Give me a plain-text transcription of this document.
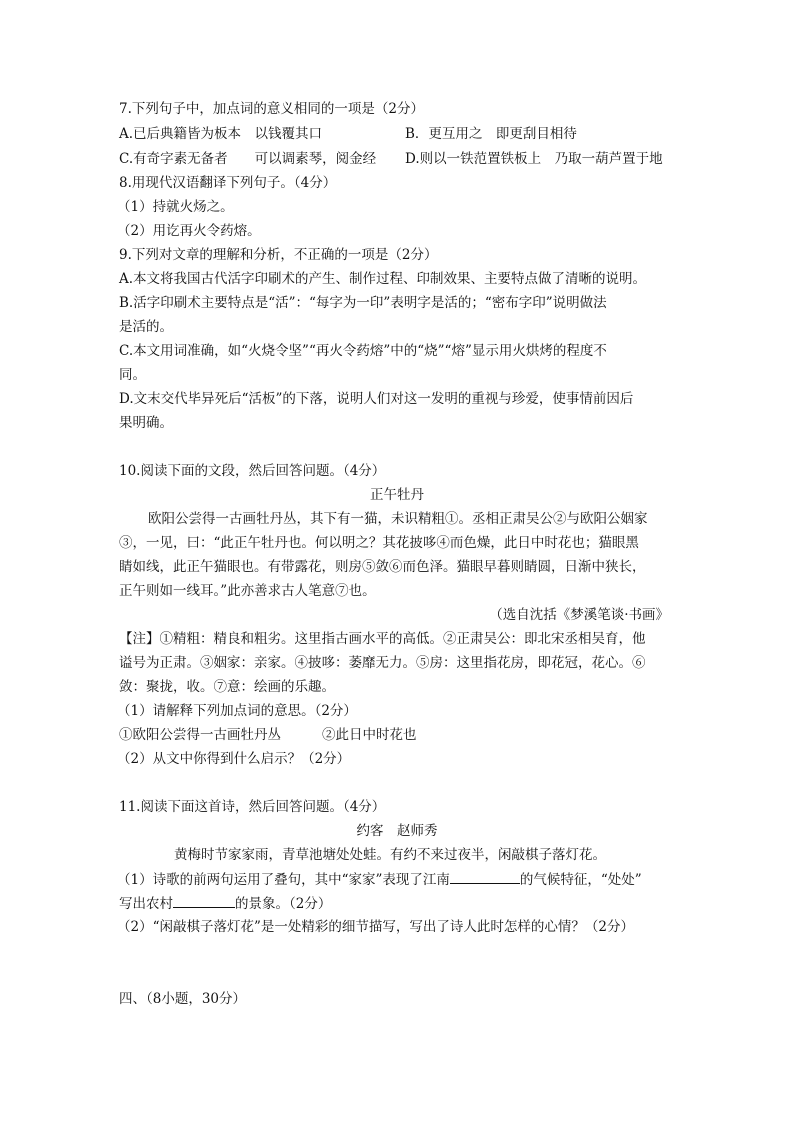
7.下列句子中，加点词的意义相同的一项是（2分）
A.已后典籍皆为板本　以钱覆其口	B．更互用之　即更刮目相待
C.有奇字素无备者　　可以调素琴，阅金经 D.则以一铁范置铁板上　乃取一葫芦置于地
8.用现代汉语翻译下列句子。（4分）
（1）持就火炀之。
（2）用讫再火令药熔。
9.下列对文章的理解和分析，不正确的一项是（2分）
A.本文将我国古代活字印刷术的产生、制作过程、印制效果、主要特点做了清晰的说明。
B.活字印刷术主要特点是“活”：“每字为一印”表明字是活的；“密布字印”说明做法
是活的。
C.本文用词准确，如“火烧令坚”“再火令药熔”中的“烧”“熔”显示用火烘烤的程度不
同。
D.文末交代毕异死后“活板”的下落，说明人们对这一发明的重视与珍爱，使事情前因后
果明确。
10.阅读下面的文段，然后回答问题。（4分）
正午牡丹
欧阳公尝得一古画牡丹丛，其下有一猫，未识精粗①。丞相正肃吴公②与欧阳公姻家
③，一见，曰：“此正午牡丹也。何以明之？其花披哆④而色燥，此日中时花也；猫眼黑
睛如线，此正午猫眼也。有带露花，则房⑤敛⑥而色泽。猫眼早暮则睛圆，日渐中狭长，
正午则如一线耳。”此亦善求古人笔意⑦也。
（选自沈括《梦溪笔谈·书画》
【注】①精粗：精良和粗劣。这里指古画水平的高低。②正肃吴公：即北宋丞相吴育，他
谥号为正肃。③姻家：亲家。④披哆：萎靡无力。⑤房：这里指花房，即花冠，花心。⑥
敛：聚拢，收。⑦意：绘画的乐趣。
（1）请解释下列加点词的意思。（2分）
①欧阳公尝得一古画牡丹丛	②此日中时花也
（2）从文中你得到什么启示？（2分）
11.阅读下面这首诗，然后回答问题。（4分）
约客　赵师秀
黄梅时节家家雨，青草池塘处处蛙。有约不来过夜半，闲敲棋子落灯花。
（1）诗歌的前两句运用了叠句，其中“家家”表现了江南	的气候特征，“处处”
写出农村	的景象。（2分）
（2）“闲敲棋子落灯花”是一处精彩的细节描写，写出了诗人此时怎样的心情？（2分）
四、（8小题，30分）
